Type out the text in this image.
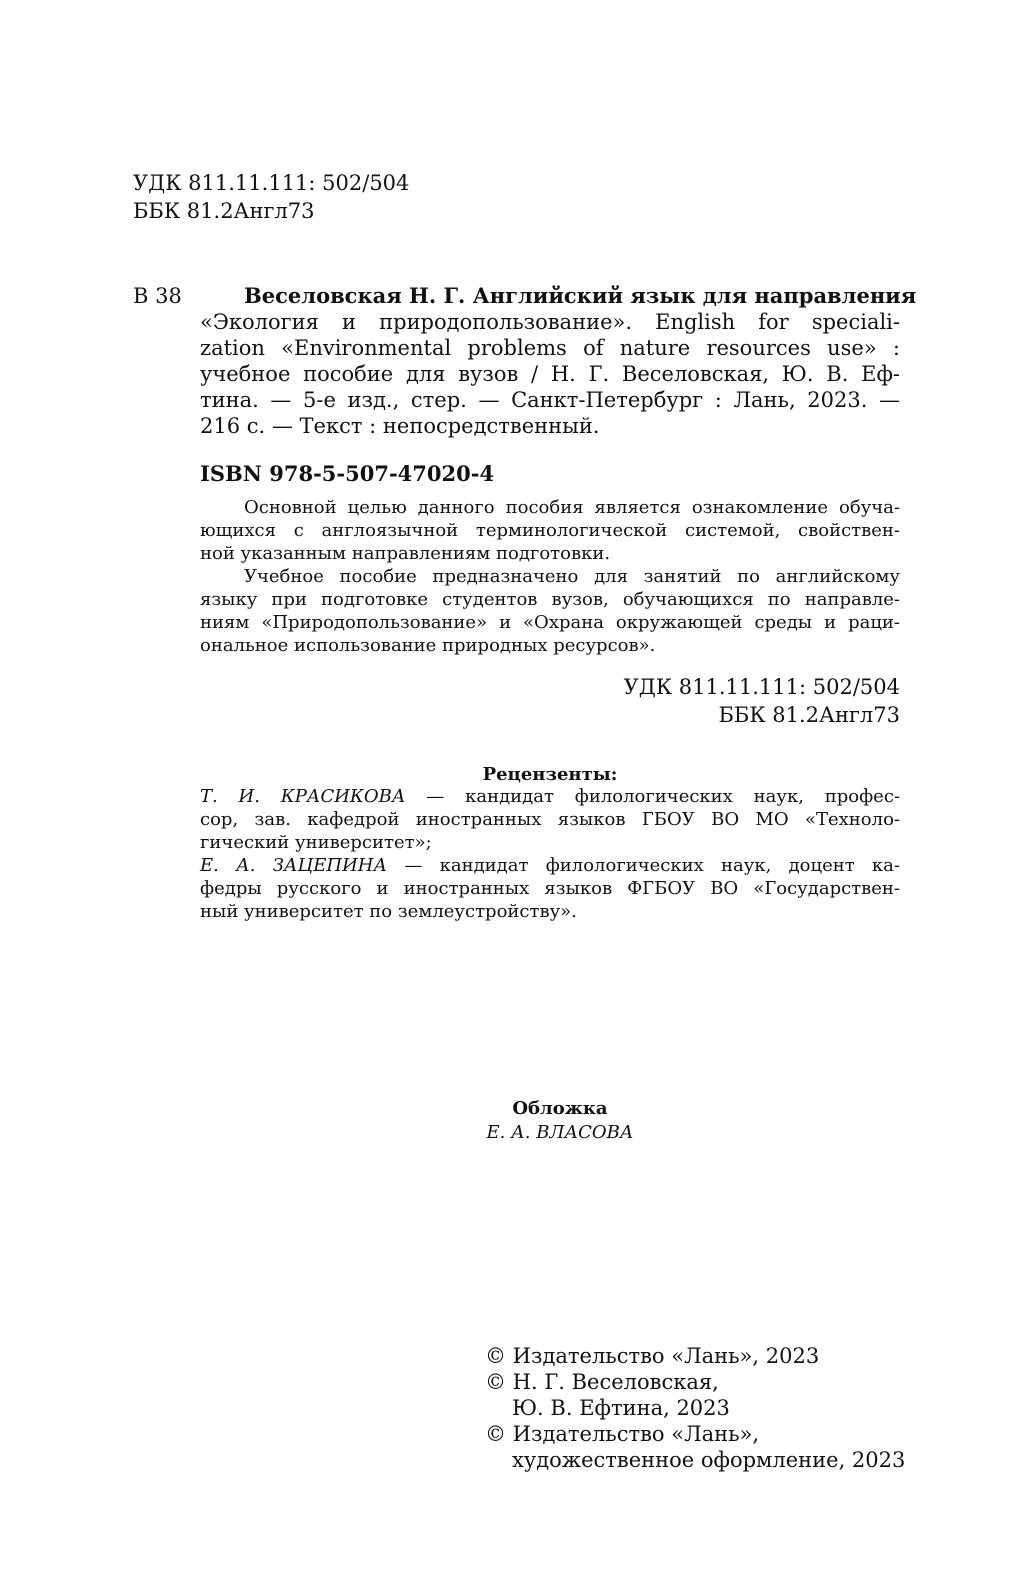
УДК 811.11.111: 502/504
ББК 81.2Англ73
В 38	Веселовская Н. Г. Английский язык для направления
«Экология и природопользование». English for speciali-
zation «Environmental problems of nature resources use» :
учебное пособие для вузов / Н. Г. Веселовская, Ю. В. Еф-
тина. — 5-е изд., стер. — Санкт-Петербург : Лань, 2023. —
216 с. — Текст : непосредственный.
ISBN 978-5-507-47020-4
Основной целью данного пособия является ознакомление обуча-
ющихся с англоязычной терминологической системой, свойствен-
ной указанным направлениям подготовки.
Учебное пособие предназначено для занятий по английскому
языку при подготовке студентов вузов, обучающихся по направле-
ниям «Природопользование» и «Охрана окружающей среды и раци-
ональное использование природных ресурсов».
УДК 811.11.111: 502/504
ББК 81.2Англ73
Рецензенты:
Т. И. КРАСИКОВА — кандидат филологических наук, профес-
сор, зав. кафедрой иностранных языков ГБОУ ВО МО «Техноло-
гический университет»;
Е. А. ЗАЦЕПИНА — кандидат филологических наук, доцент ка-
федры русского и иностранных языков ФГБОУ ВО «Государствен-
ный университет по землеустройству».
Обложка
Е. А. ВЛАСОВА
© Издательство «Лань», 2023
© Н. Г. Веселовская,
Ю. В. Ефтина, 2023
© Издательство «Лань»,
художественное оформление, 2023
